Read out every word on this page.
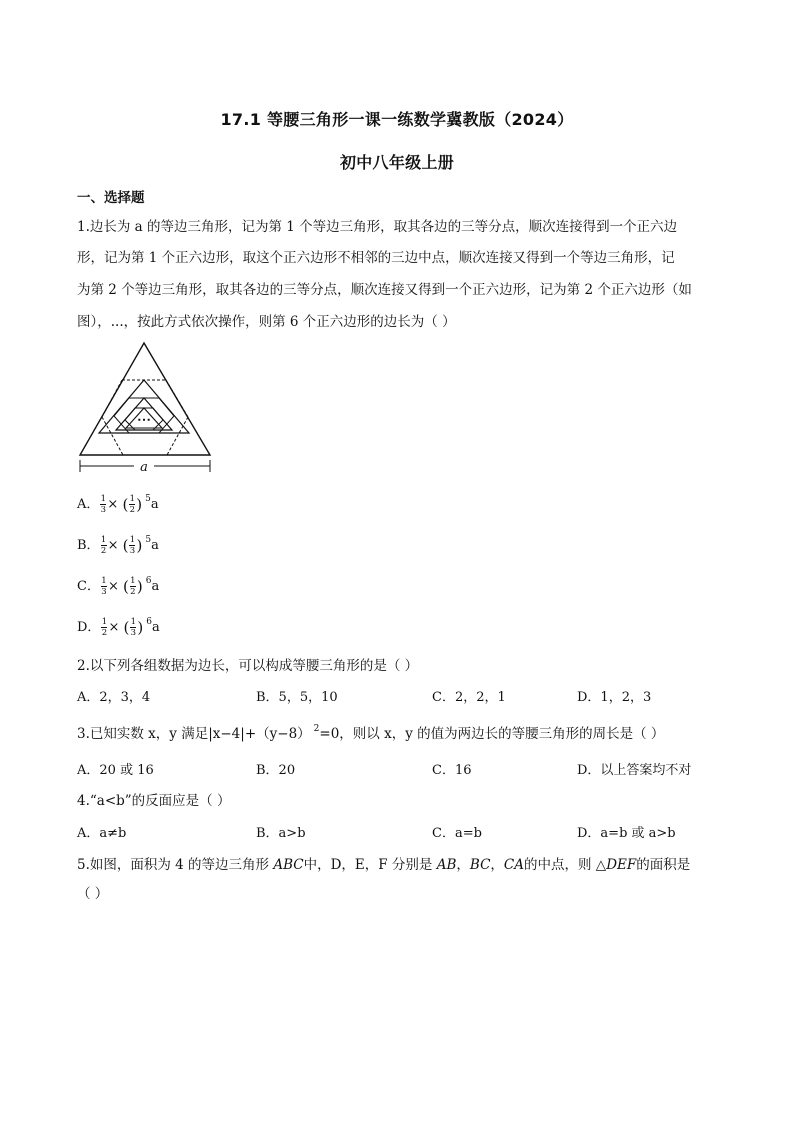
17.1 等腰三角形一课一练数学冀教版（2024）
初中八年级上册
一、选择题
1.边长为 a 的等边三角形，记为第 1 个等边三角形，取其各边的三等分点，顺次连接得到一个正六边
形，记为第 1 个正六边形，取这个正六边形不相邻的三边中点，顺次连接又得到一个等边三角形，记
为第 2 个等边三角形，取其各边的三等分点，顺次连接又得到一个正六边形，记为第 2 个正六边形（如
图），...，按此方式依次操作，则第 6 个正六边形的边长为（ ）
⋯
a
A． $\frac{1}{3}$ × ( $\frac{1}{2}$ ) $^5$a
B． $\frac{1}{2}$ × ( $\frac{1}{3}$ ) $^5$a
C． $\frac{1}{3}$ × ( $\frac{1}{2}$ ) $^6$a
D． $\frac{1}{2}$ × ( $\frac{1}{3}$ ) $^6$a
2.以下列各组数据为边长，可以构成等腰三角形的是（ ）
A．2，3，4	B．5，5，10	C．2，2，1	D．1，2，3
3.已知实数 x，y 满足|x−4|+（y−8） $^2$=0，则以 x，y 的值为两边长的等腰三角形的周长是（ ）
A．20 或 16	B．20	C．16	D．以上答案均不对
4.“a<b”的反面应是（ ）
A．a≠b	B．a>b	C．a=b	D．a=b 或 a>b
5.如图，面积为 4 的等边三角形 ABC中，D，E，F 分别是 AB，BC，CA的中点，则 △DEF的面积是
（ ）
